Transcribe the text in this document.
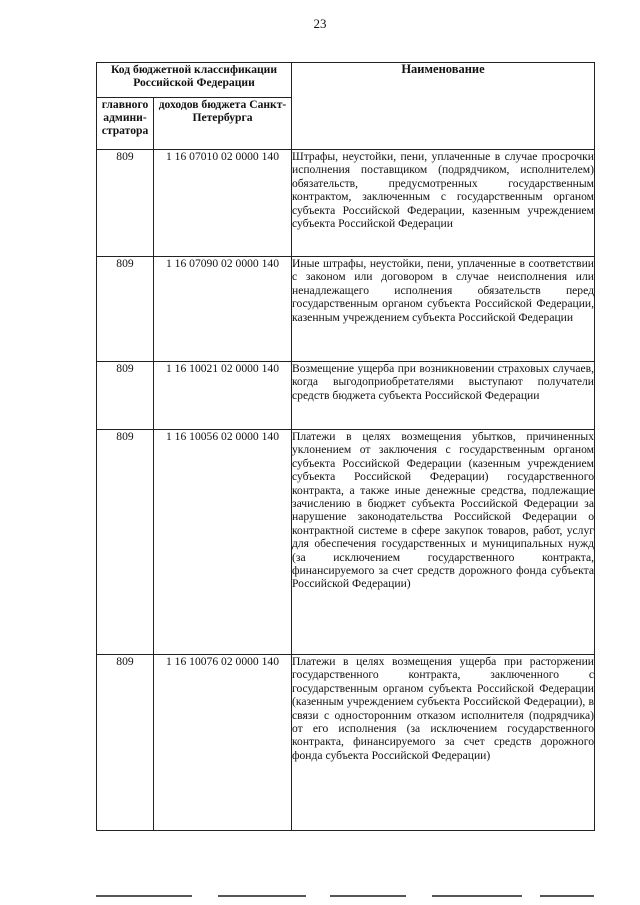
23
Код бюджетной классификации Российской Федерации		Наименование
главного админи-стратора	доходов бюджета Санкт-Петербурга	
809	1 16 07010 02 0000 140	Штрафы, неустойки, пени, уплаченные в случае просрочки исполнения поставщиком (подрядчиком, исполнителем) обязательств, предусмотренных государственным контрактом, заключенным с государственным органом субъекта Российской Федерации, казенным учреждением субъекта Российской Федерации
809	1 16 07090 02 0000 140	Иные штрафы, неустойки, пени, уплаченные в соответствии с законом или договором в случае неисполнения или ненадлежащего исполнения обязательств перед государственным органом субъекта Российской Федерации, казенным учреждением субъекта Российской Федерации
809	1 16 10021 02 0000 140	Возмещение ущерба при возникновении страховых случаев, когда выгодоприобретателями выступают получатели средств бюджета субъекта Российской Федерации
809	1 16 10056 02 0000 140	Платежи в целях возмещения убытков, причиненных уклонением от заключения с государственным органом субъекта Российской Федерации (казенным учреждением субъекта Российской Федерации) государственного контракта, а также иные денежные средства, подлежащие зачислению в бюджет субъекта Российской Федерации за нарушение законодательства Российской Федерации о контрактной системе в сфере закупок товаров, работ, услуг для обеспечения государственных и муниципальных нужд (за исключением государственного контракта, финансируемого за счет средств дорожного фонда субъекта Российской Федерации)
809	1 16 10076 02 0000 140	Платежи в целях возмещения ущерба при расторжении государственного контракта, заключенного с государственным органом субъекта Российской Федерации (казенным учреждением субъекта Российской Федерации), в связи с односторонним отказом исполнителя (подрядчика) от его исполнения (за исключением государственного контракта, финансируемого за счет средств дорожного фонда субъекта Российской Федерации)
